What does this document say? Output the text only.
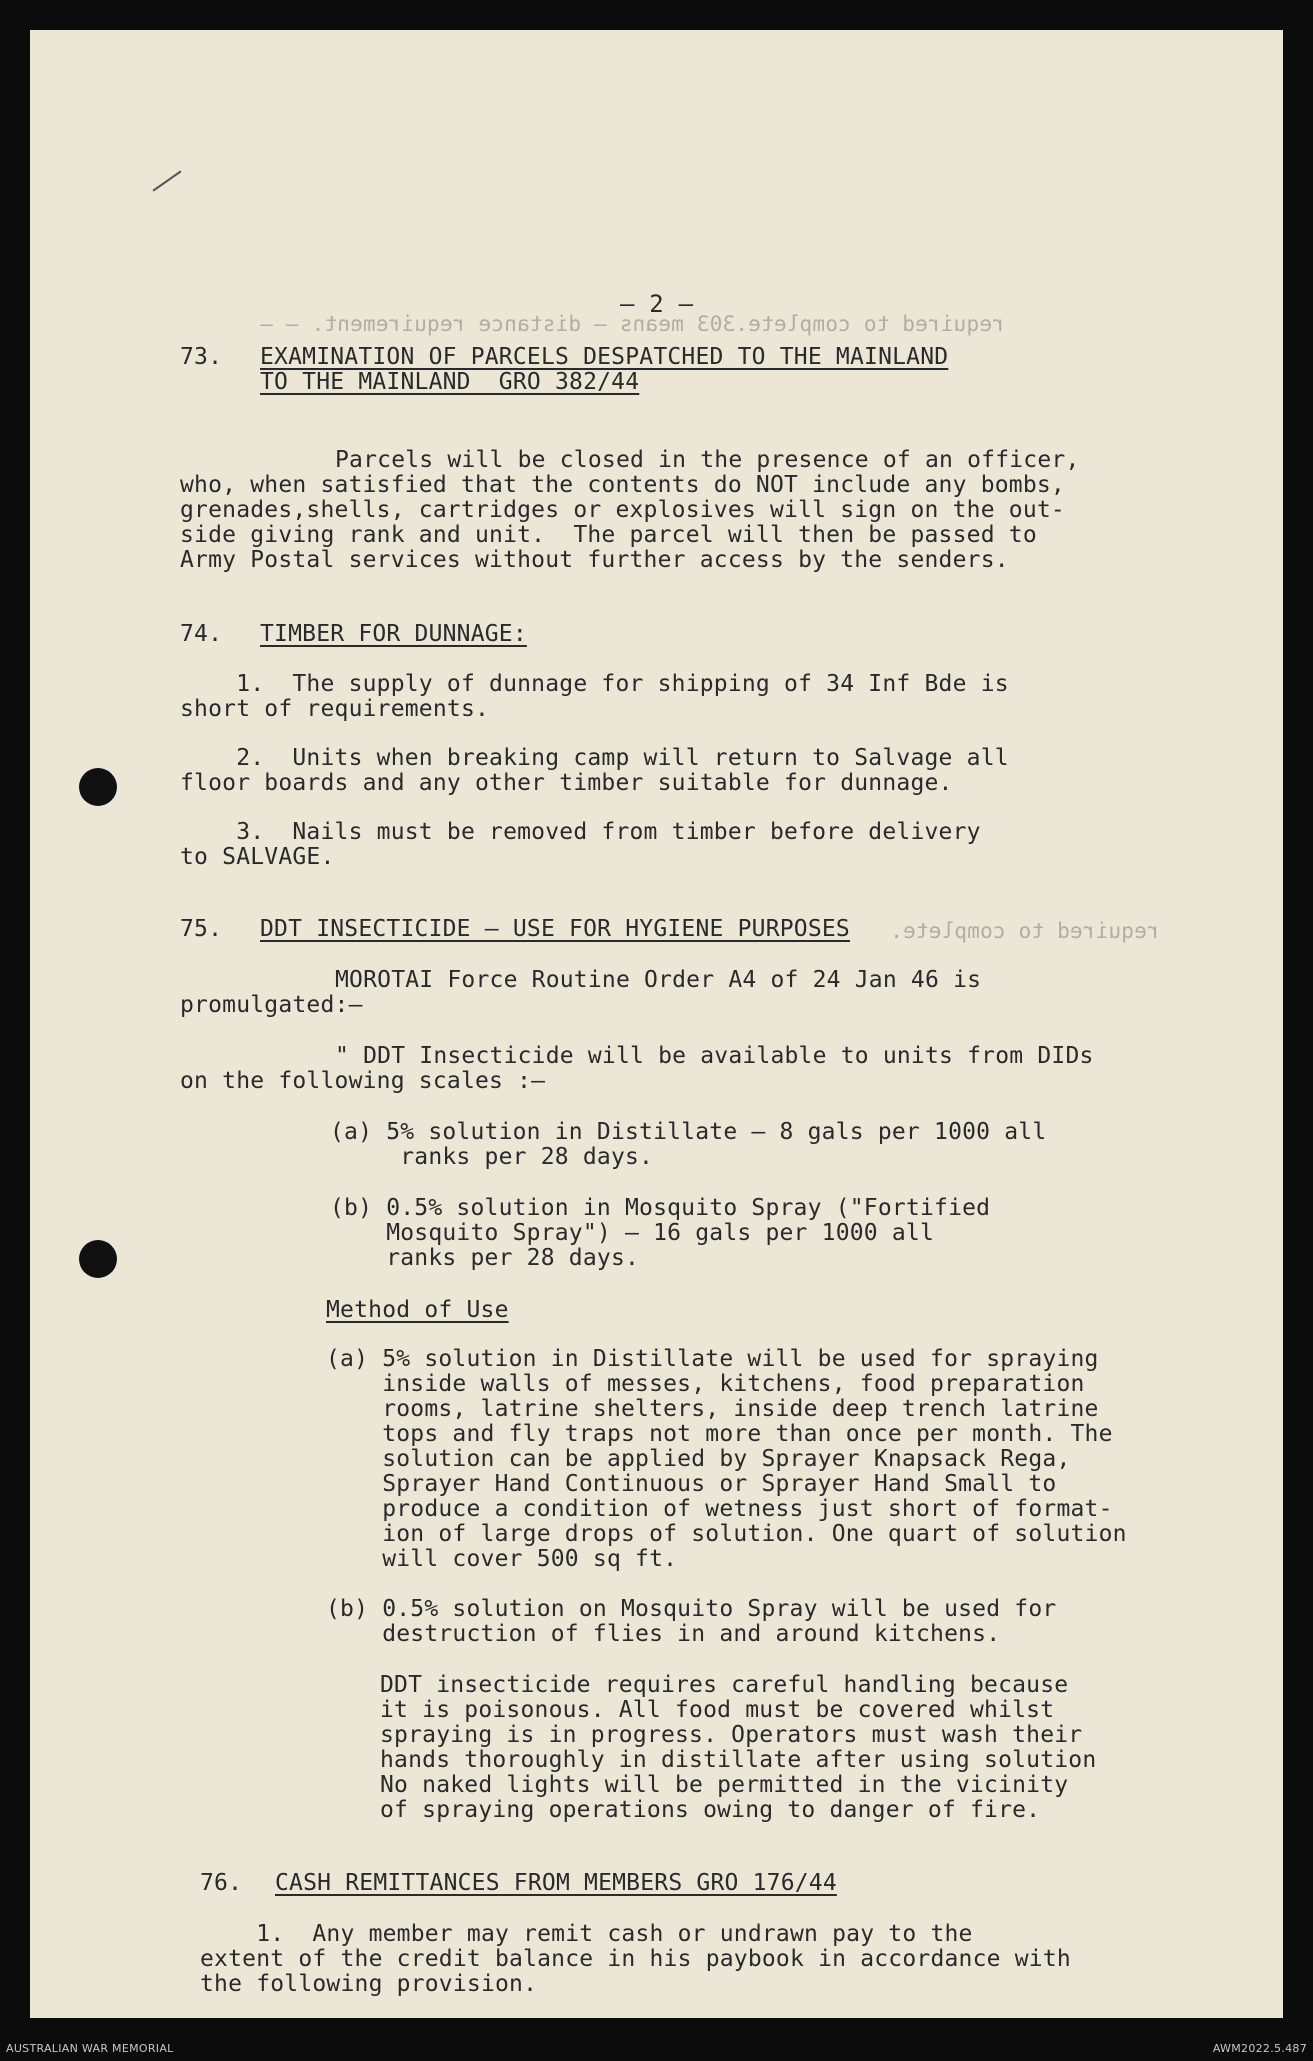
– 2 –
required to complete.303 means – distance requirement. – –
73. EXAMINATION OF PARCELS DESPATCHED TO THE MAINLAND
TO THE MAINLAND  GRO 382/44
Parcels will be closed in the presence of an officer,
who, when satisfied that the contents do NOT include any bombs,
grenades,shells, cartridges or explosives will sign on the out-
side giving rank and unit.  The parcel will then be passed to
Army Postal services without further access by the senders.
74. TIMBER FOR DUNNAGE:
1.  The supply of dunnage for shipping of 34 Inf Bde is
short of requirements.
2.  Units when breaking camp will return to Salvage all
floor boards and any other timber suitable for dunnage.
3.  Nails must be removed from timber before delivery
to SALVAGE.
75. DDT INSECTICIDE – USE FOR HYGIENE PURPOSES required to complete.
MOROTAI Force Routine Order A4 of 24 Jan 46 is
promulgated:–
" DDT Insecticide will be available to units from DIDs
on the following scales :–
(a) 5% solution in Distillate – 8 gals per 1000 all
ranks per 28 days.
(b) 0.5% solution in Mosquito Spray ("Fortified
Mosquito Spray") – 16 gals per 1000 all
ranks per 28 days.
Method of Use
(a) 5% solution in Distillate will be used for spraying
inside walls of messes, kitchens, food preparation
rooms, latrine shelters, inside deep trench latrine
tops and fly traps not more than once per month. The
solution can be applied by Sprayer Knapsack Rega,
Sprayer Hand Continuous or Sprayer Hand Small to
produce a condition of wetness just short of format-
ion of large drops of solution. One quart of solution
will cover 500 sq ft.
(b) 0.5% solution on Mosquito Spray will be used for
destruction of flies in and around kitchens.
DDT insecticide requires careful handling because
it is poisonous. All food must be covered whilst
spraying is in progress. Operators must wash their
hands thoroughly in distillate after using solution
No naked lights will be permitted in the vicinity
of spraying operations owing to danger of fire.
76. CASH REMITTANCES FROM MEMBERS GRO 176/44
1.  Any member may remit cash or undrawn pay to the
extent of the credit balance in his paybook in accordance with
the following provision.
AUSTRALIAN WAR MEMORIAL	AWM2022.5.487
